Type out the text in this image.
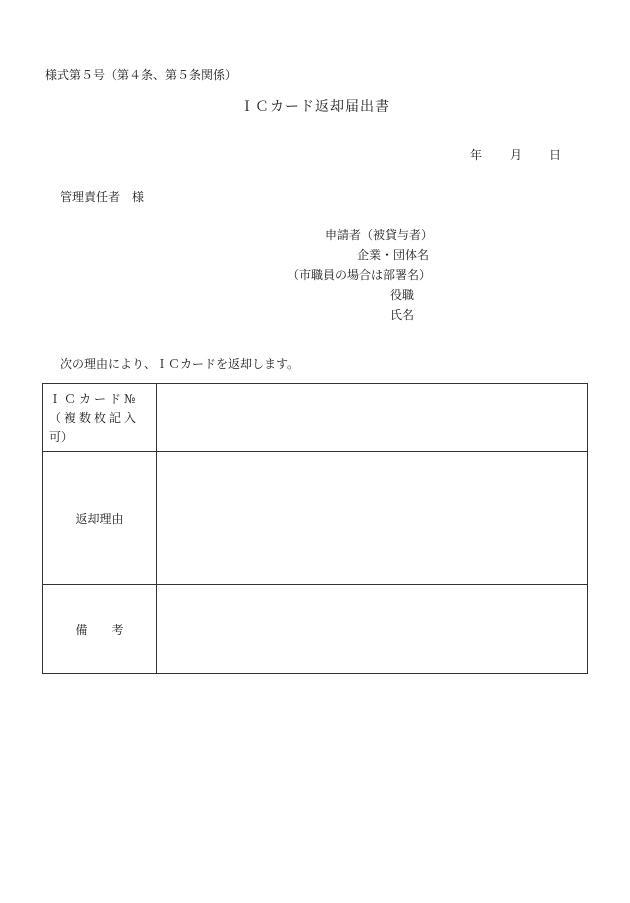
様式第５号（第４条、第５条関係）
ＩＣカード返却届出書
年 月 日
管理責任者　様
申請者（被貸与者）
企業・団体名
（市職員の場合は部署名）
役職
氏名
次の理由により、ＩＣカードを返却します。
ＩＣカード№
（複数枚記入
可）	

返却理由	
備　　考	
